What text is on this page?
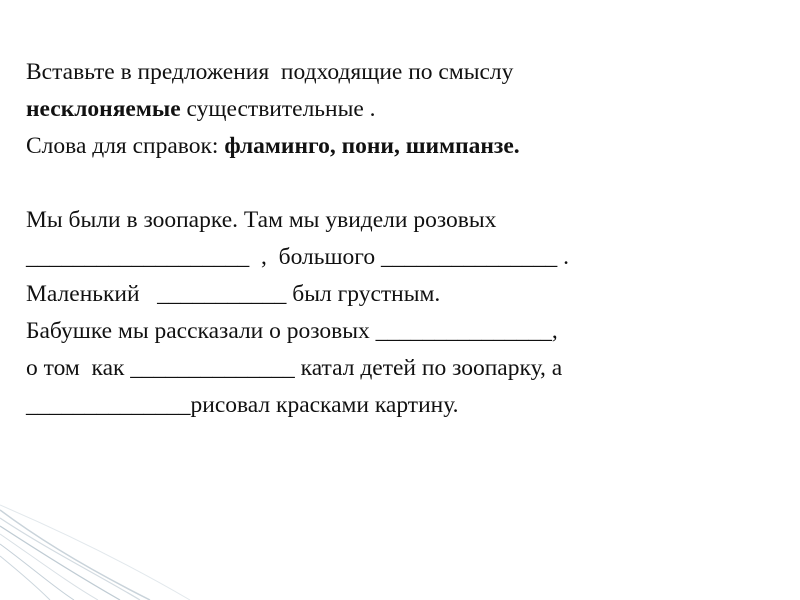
Вставьте в предложения  подходящие по смыслу
несклоняемые существительные .
Слова для справок: фламинго, пони, шимпанзе.
Мы были в зоопарке. Там мы увидели розовых
___________________  ,  большого _______________ .
Маленький   ___________ был грустным.
Бабушке мы рассказали о розовых _______________,
о том  как ______________ катал детей по зоопарку, а
______________рисовал красками картину.
